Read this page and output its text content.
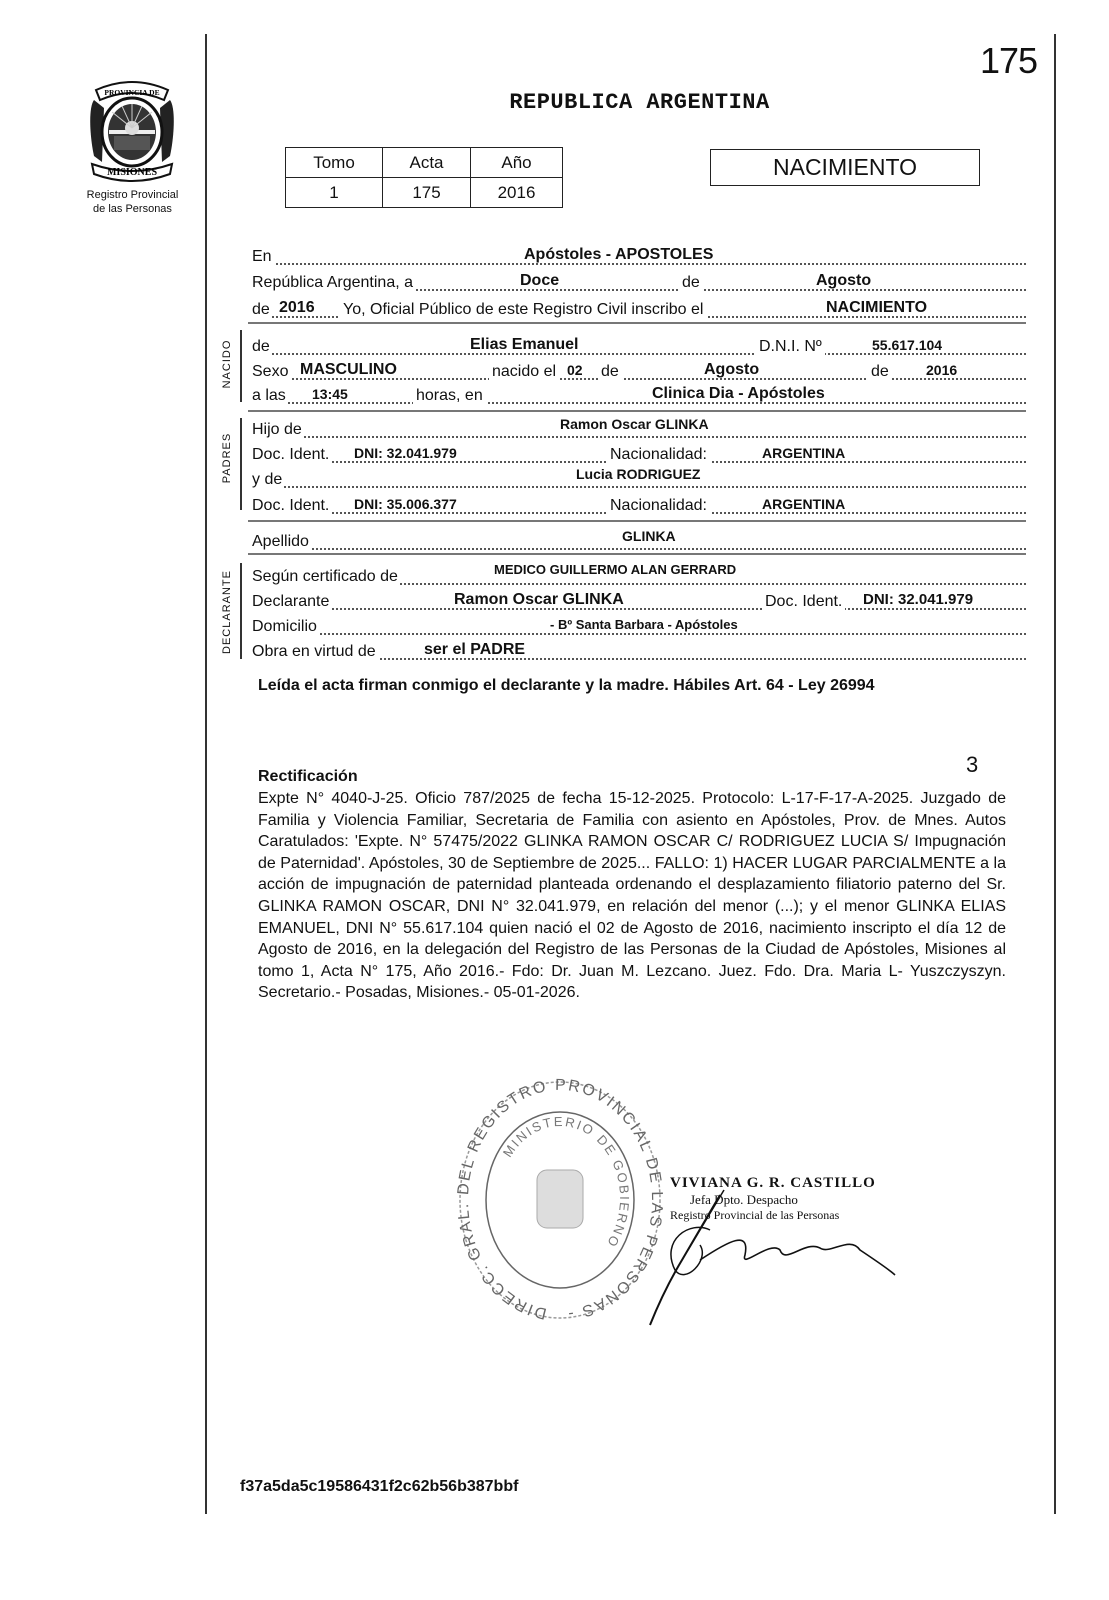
PROVINCIA DE
MISIONES
Registro Provincial
de las Personas
175
REPUBLICA ARGENTINA
Tomo	Acta	Año
1	175	2016
NACIMIENTO
En	Apóstoles - APOSTOLES
República Argentina, a	Doce	de	Agosto
de 2016 Yo, Oficial Público de este Registro Civil inscribo el	NACIMIENTO
NACIDO de	Elias Emanuel	D.N.I. Nº	55.617.104
Sexo MASCULINO	nacido el 02 de	Agosto	de	2016
a las 13:45	horas, en	Clinica Dia - Apóstoles
PADRES
Hijo de	Ramon Oscar GLINKA
Doc. Ident. DNI: 32.041.979	Nacionalidad:	ARGENTINA
y de	Lucia RODRIGUEZ
Doc. Ident. DNI: 35.006.377	Nacionalidad:	ARGENTINA
Apellido	GLINKA
DECLARANTE Según certificado de	MEDICO GUILLERMO ALAN GERRARD
Declarante	Ramon Oscar GLINKA	Doc. Ident. DNI: 32.041.979
Domicilio	- Bº Santa Barbara - Apóstoles
Obra en virtud de	ser el PADRE
Leída el acta firman conmigo el declarante y la madre. Hábiles Art. 64 - Ley 26994
3
Rectificación
Expte N° 4040-J-25. Oficio 787/2025 de fecha 15-12-2025. Protocolo: L-17-F-17-A-2025. Juzgado de Familia y Violencia Familiar, Secretaria de Familia con asiento en Apóstoles, Prov. de Mnes. Autos Caratulados: 'Expte. N° 57475/2022 GLINKA RAMON OSCAR C/ RODRIGUEZ LUCIA S/ Impugnación de Paternidad'. Apóstoles, 30 de Septiembre de 2025... FALLO: 1) HACER LUGAR PARCIALMENTE a la acción de impugnación de paternidad planteada ordenando el desplazamiento filiatorio paterno del Sr. GLINKA RAMON OSCAR, DNI N° 32.041.979, en relación del menor (...); y el menor GLINKA ELIAS EMANUEL, DNI N° 55.617.104 quien nació el 02 de Agosto de 2016, nacimiento inscripto el día 12 de Agosto de 2016, en la delegación del Registro de las Personas de la Ciudad de Apóstoles, Misiones al tomo 1, Acta N° 175, Año 2016.- Fdo: Dr. Juan M. Lezcano. Juez. Fdo. Dra. Maria L- Yuszczyszyn. Secretario.- Posadas, Misiones.- 05-01-2026.
DIRECC. GRAL. DEL REGISTRO PROVINCIAL DE LAS PERSONAS -
MINISTERIO DE GOBIERNO
VIVIANA G. R. CASTILLO
Jefa Dpto. Despacho
Registro Provincial de las Personas
f37a5da5c19586431f2c62b56b387bbf
